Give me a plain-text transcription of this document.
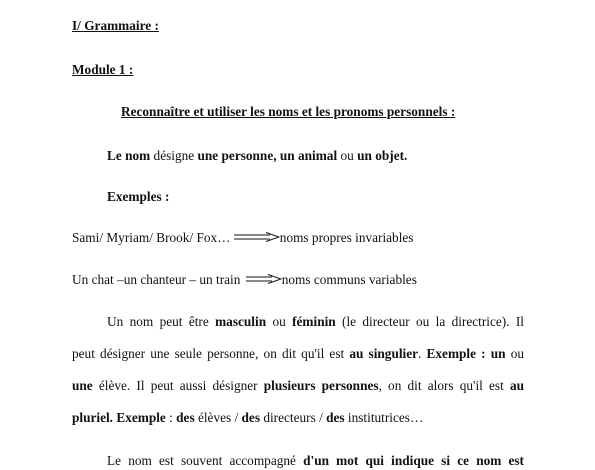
I/ Grammaire :
Module 1 :
Reconnaître et utiliser les noms et les pronoms personnels :
Le nom désigne une personne, un animal ou un objet.
Exemples :
Sami/ Myriam/ Brook/ Fox…	noms propres invariables
Un chat –un chanteur – un train	noms communs variables
Un nom peut être masculin ou féminin (le directeur ou la directrice). Il
peut désigner une seule personne, on dit qu'il est au singulier. Exemple : un ou
une élève. Il peut aussi désigner plusieurs personnes, on dit alors qu'il est au
pluriel. Exemple : des élèves / des directeurs / des institutrices…
Le nom est souvent accompagné d'un mot qui indique si ce nom est
